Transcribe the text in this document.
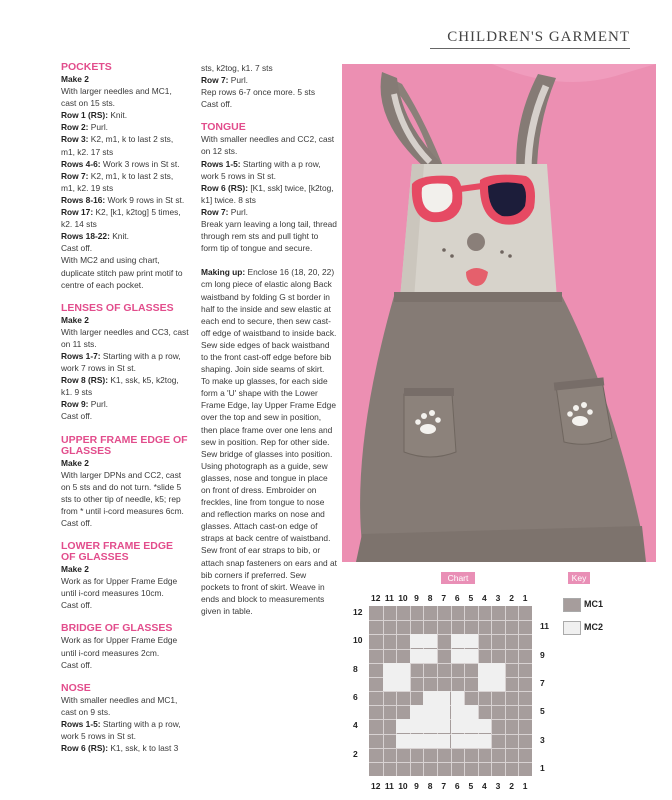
CHILDREN'S GARMENT
POCKETS

Make 2

With larger needles and MC1, cast on 15 sts.

Row 1 (RS): Knit.

Row 2: Purl.

Row 3: K2, m1, k to last 2 sts, m1, k2. 17 sts

Rows 4-6: Work 3 rows in St st.

Row 7: K2, m1, k to last 2 sts, m1, k2. 19 sts

Rows 8-16: Work 9 rows in St st.

Row 17: K2, [k1, k2tog] 5 times, k2. 14 sts

Rows 18-22: Knit.

Cast off.

With MC2 and using chart, duplicate stitch paw print motif to centre of each pocket.

LENSES OF GLASSES

Make 2

With larger needles and CC3, cast on 11 sts.

Rows 1-7: Starting with a p row, work 7 rows in St st.

Row 8 (RS): K1, ssk, k5, k2tog, k1. 9 sts

Row 9: Purl.

Cast off.

UPPER FRAME EDGE OF GLASSES

Make 2

With larger DPNs and CC2, cast on 5 sts and do not turn. *slide 5 sts to other tip of needle, k5; rep from * until i-cord measures 6cm.

Cast off.

LOWER FRAME EDGE OF GLASSES

Make 2

Work as for Upper Frame Edge until i-cord measures 10cm.

Cast off.

BRIDGE OF GLASSES

Work as for Upper Frame Edge until i-cord measures 2cm.

Cast off.

NOSE

With smaller needles and MC1, cast on 9 sts.

Rows 1-5: Starting with a p row, work 5 rows in St st.

Row 6 (RS): K1, ssk, k to last 3

sts, k2tog, k1. 7 sts

Row 7: Purl.

Rep rows 6-7 once more. 5 sts

Cast off.

TONGUE

With smaller needles and CC2, cast on 12 sts.

Rows 1-5: Starting with a p row, work 5 rows in St st.

Row 6 (RS): [K1, ssk] twice, [k2tog, k1] twice. 8 sts

Row 7: Purl.

Break yarn leaving a long tail, thread through rem sts and pull tight to form tip of tongue and secure.

Making up: Enclose 16 (18, 20, 22) cm long piece of elastic along Back waistband by folding G st border in half to the inside and sew elastic at each end to secure, then sew cast-off edge of waistband to inside back. Sew side edges of back waistband to the front cast-off edge before bib shaping. Join side seams of skirt.

To make up glasses, for each side form a 'U' shape with the Lower Frame Edge, lay Upper Frame Edge over the top and sew in position, then place frame over one lens and sew in position. Rep for other side. Sew bridge of glasses into position.

Using photograph as a guide, sew glasses, nose and tongue in place on front of dress. Embroider on freckles, line from tongue to nose and reflection marks on nose and glasses. Attach cast-on edge of straps at back centre of waistband. Sew front of ear straps to bib, or attach snap fasteners on ears and at bib corners if preferred. Sew pockets to front of skirt. Weave in ends and block to measurements given in table.

Chart	Key
MC1
MC2
12 11 10 9	8	7	6	5	4	3	2	1
12 11 10 9	8	7	6	5	4	3	2	1
12
10
8
6
4
2
11
9
7
5
3
1
